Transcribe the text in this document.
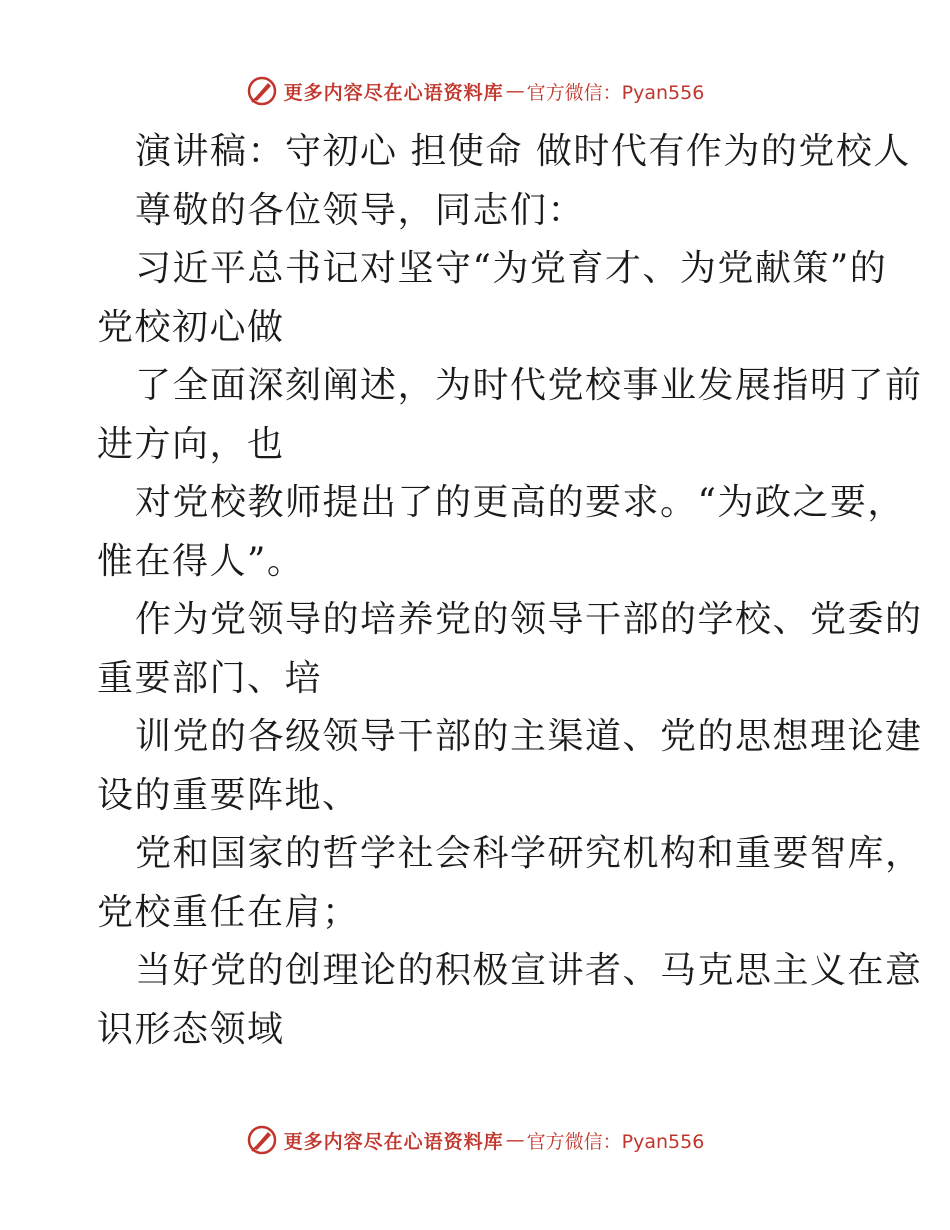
更多内容尽在心语资料库 — 官方微信：Pyan556
演讲稿：守初心 担使命 做时代有作为的党校人
尊敬的各位领导，同志们：
习近平总书记对坚守“为党育才、为党献策”的
党校初心做
了全面深刻阐述，为时代党校事业发展指明了前
进方向，也
对党校教师提出了的更高的要求。“为政之要，
惟在得人”。
作为党领导的培养党的领导干部的学校、党委的
重要部门、培
训党的各级领导干部的主渠道、党的思想理论建
设的重要阵地、
党和国家的哲学社会科学研究机构和重要智库，
党校重任在肩；
当好党的创理论的积极宣讲者、马克思主义在意
识形态领域
更多内容尽在心语资料库 — 官方微信：Pyan556
